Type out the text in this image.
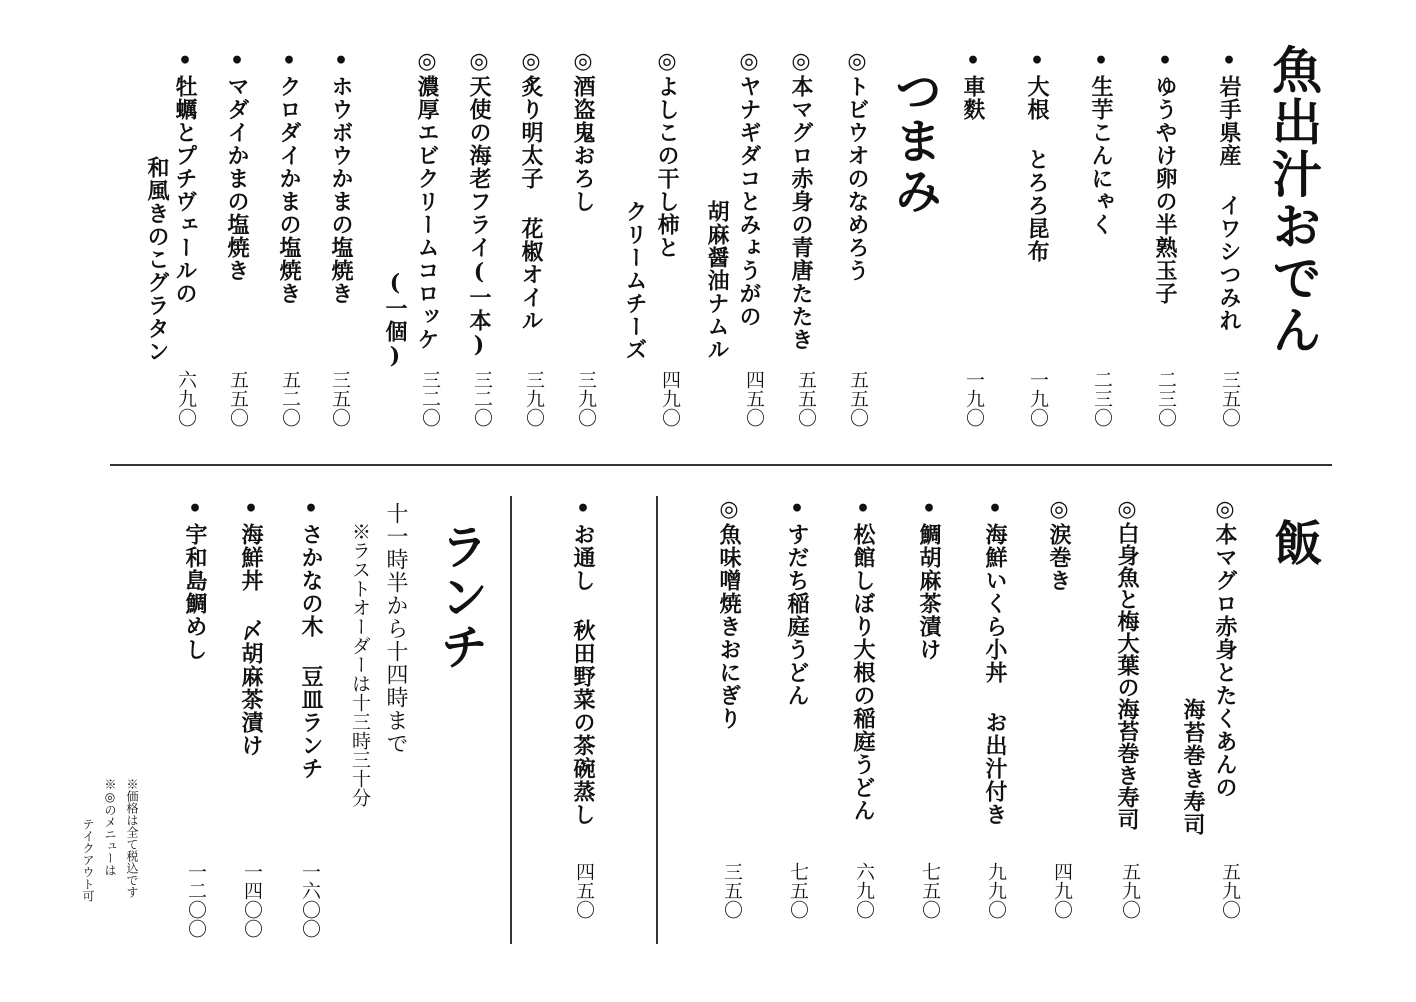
魚出汁おでん
•岩手県産 イワシつみれ
三五〇
•ゆうやけ卵の半熟玉子
二三〇
•生芋こんにゃく
二三〇
•大根 とろろ昆布
一九〇
•車麩
一九〇
つまみ
◎トビウオのなめろう
五五〇
◎本マグロ赤身の青唐たたき
五五〇
◎ヤナギダコとみょうがの
胡麻醤油ナムル
四五〇
◎よしこの干し柿と
クリームチーズ
四九〇
◎酒盗鬼おろし
三九〇
◎炙り明太子 花椒オイル
三九〇
◎天使の海老フライ(一本)
三二〇
◎濃厚エビクリームコロッケ
(一個)
三二〇
•ホウボウかまの塩焼き
三五〇
•クロダイかまの塩焼き
五二〇
•マダイかまの塩焼き
五五〇
•牡蠣とプチヴェールの
和風きのこグラタン
六九〇
飯
◎本マグロ赤身とたくあんの
海苔巻き寿司
五九〇
◎白身魚と梅大葉の海苔巻き寿司
五九〇
◎涙巻き
四九〇
•海鮮いくら小丼 お出汁付き
九九〇
•鯛胡麻茶漬け
七五〇
•松館しぼり大根の稲庭うどん
六九〇
•すだち稲庭うどん
七五〇
◎魚味噌焼きおにぎり
三五〇
•お通し 秋田野菜の茶碗蒸し
四五〇
ランチ
十一時半から十四時まで
※ラストオーダーは十三時三十分
•さかなの木 豆皿ランチ
一六〇〇
•海鮮丼 〆胡麻茶漬け
一四〇〇
•宇和島鯛めし
一二〇〇
※価格は全て税込です
※◎のメニューは
テイクアウト可
